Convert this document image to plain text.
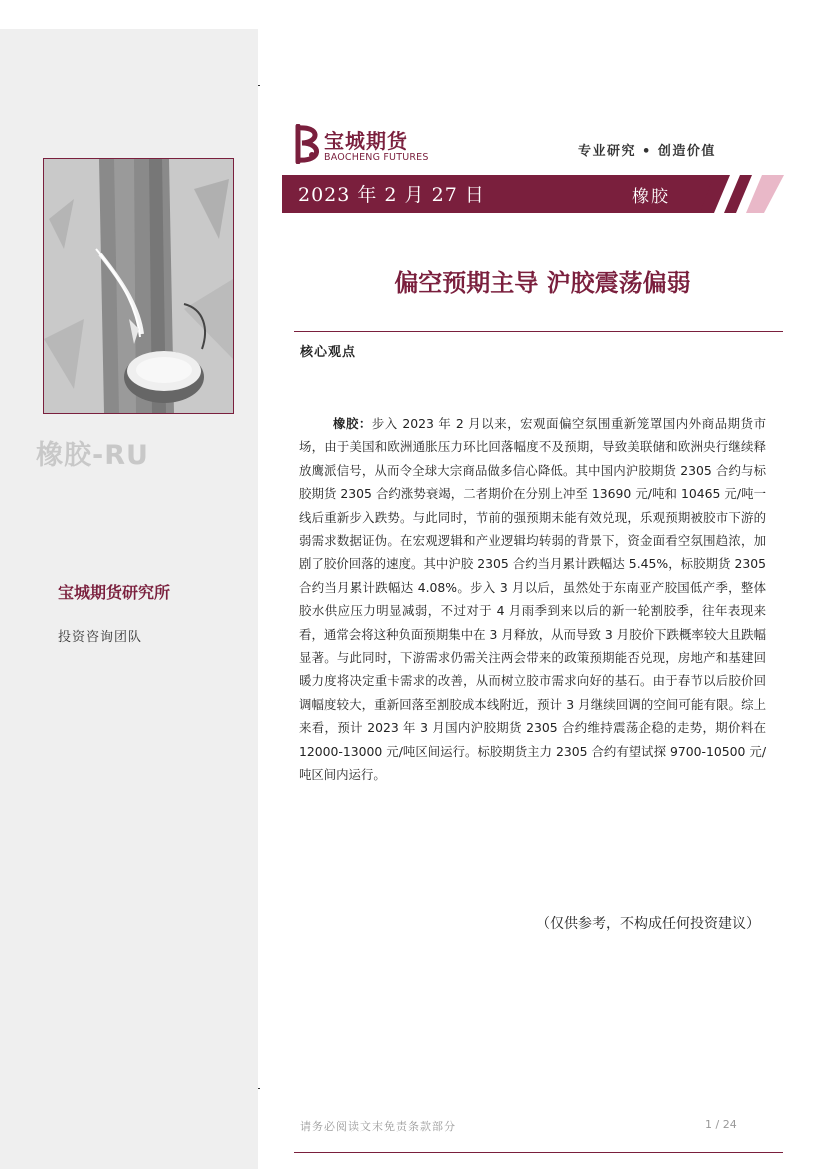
橡胶-RU
宝城期货研究所
投资咨询团队
宝城期货
BAOCHENG FUTURES	专业研究 • 创造价值
2023 年 2 月 27 日	橡胶
偏空预期主导 沪胶震荡偏弱
核心观点

橡胶：步入 2023 年 2 月以来，宏观面偏空氛围重新笼罩国内外商品期货市场，由于美国和欧洲通胀压力环比回落幅度不及预期，导致美联储和欧洲央行继续释放鹰派信号，从而令全球大宗商品做多信心降低。其中国内沪胶期货 2305 合约与标胶期货 2305 合约涨势衰竭，二者期价在分别上冲至 13690 元/吨和 10465 元/吨一线后重新步入跌势。与此同时，节前的强预期未能有效兑现，乐观预期被胶市下游的弱需求数据证伪。在宏观逻辑和产业逻辑均转弱的背景下，资金面看空氛围趋浓，加剧了胶价回落的速度。其中沪胶 2305 合约当月累计跌幅达 5.45%，标胶期货 2305 合约当月累计跌幅达 4.08%。步入 3 月以后，虽然处于东南亚产胶国低产季，整体胶水供应压力明显减弱，不过对于 4 月雨季到来以后的新一轮割胶季，往年表现来看，通常会将这种负面预期集中在 3 月释放，从而导致 3 月胶价下跌概率较大且跌幅显著。与此同时，下游需求仍需关注两会带来的政策预期能否兑现，房地产和基建回暖力度将决定重卡需求的改善，从而树立胶市需求向好的基石。由于春节以后胶价回调幅度较大，重新回落至割胶成本线附近，预计 3 月继续回调的空间可能有限。综上来看，预计 2023 年 3 月国内沪胶期货 2305 合约维持震荡企稳的走势，期价料在 12000-13000 元/吨区间运行。标胶期货主力 2305 合约有望试探 9700-10500 元/吨区间内运行。

（仅供参考，不构成任何投资建议）
请务必阅读文末免责条款部分	1 / 24
